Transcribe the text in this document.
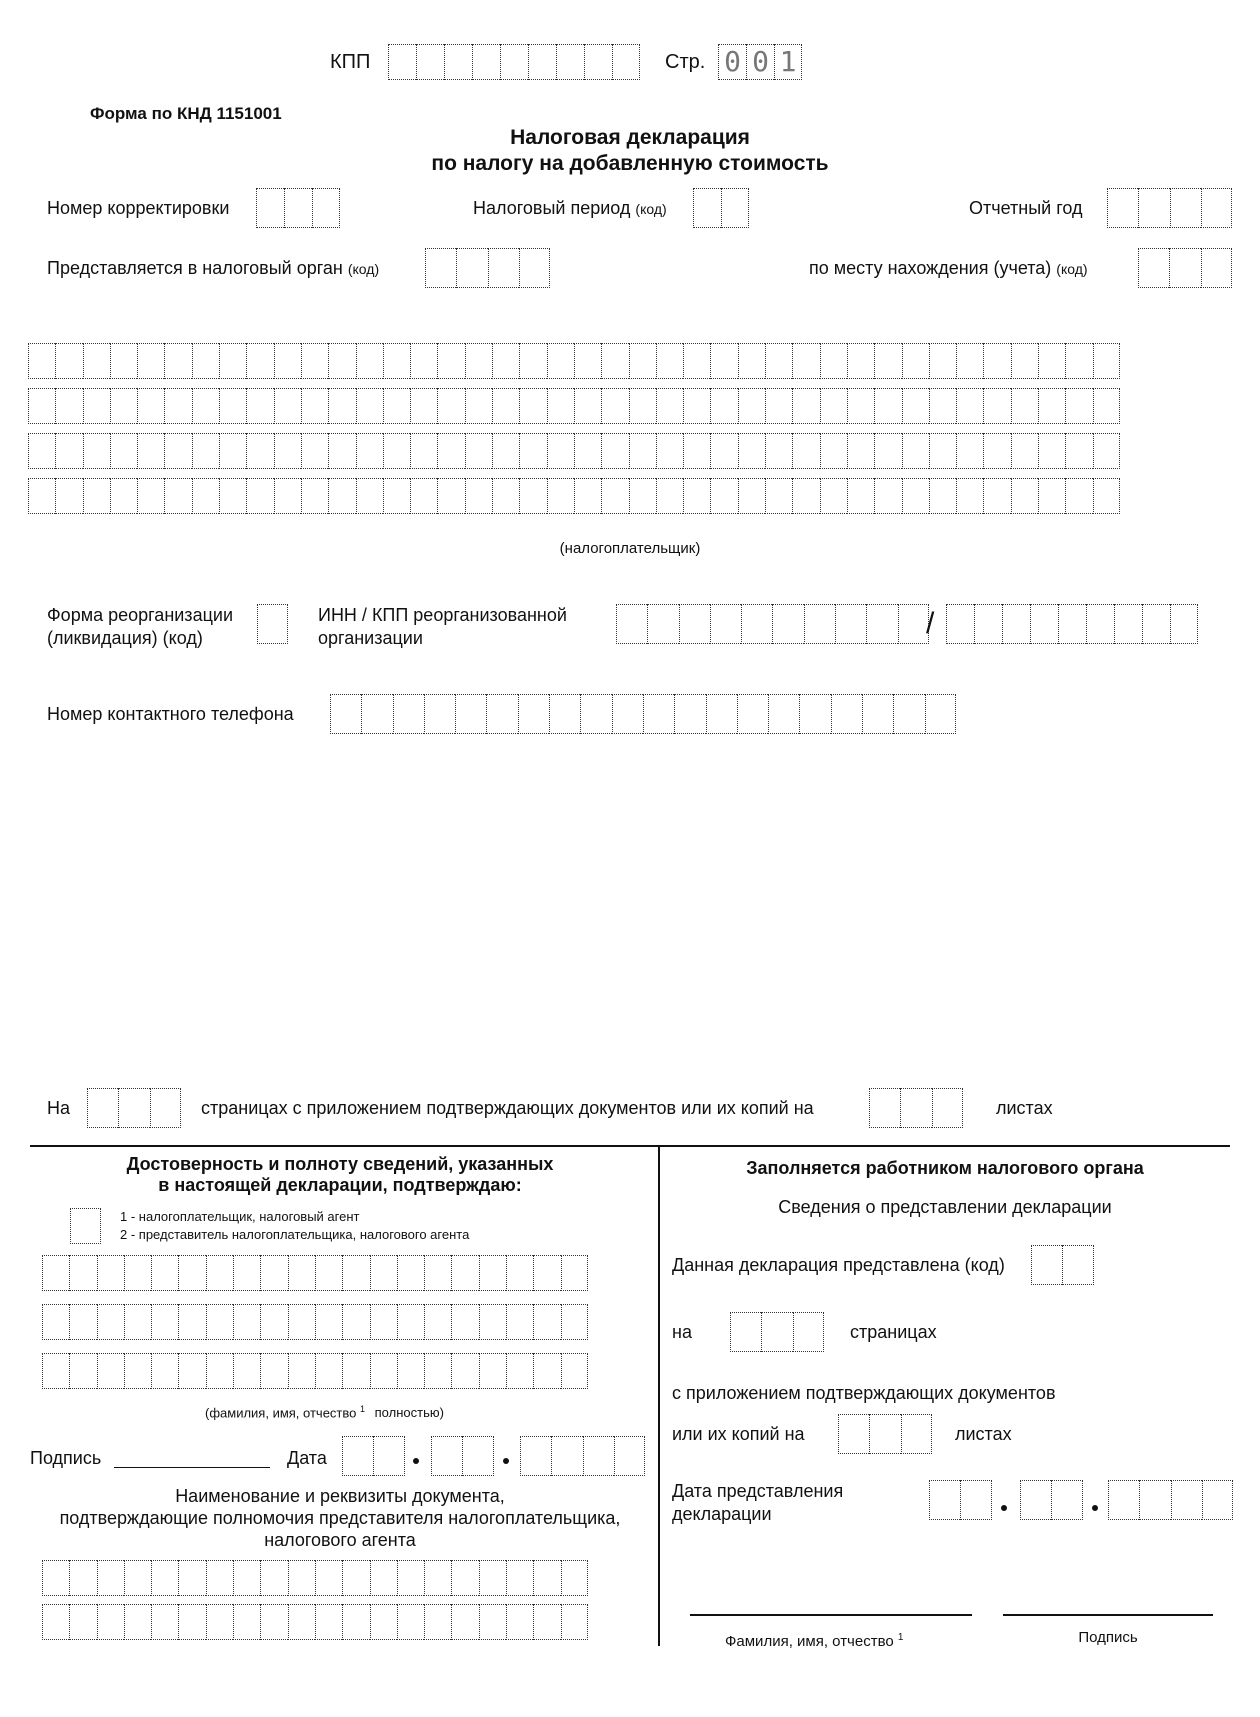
КПП	Стр. 0 0 1
Форма по КНД 1151001
Налоговая декларация
по налогу на добавленную стоимость
Номер корректировки	Налоговый период (код)	Отчетный год
Представляется в налоговый орган (код)	по месту нахождения (учета) (код)
(налогоплательщик)
Форма реорганизации
(ликвидация) (код)
ИНН / КПП реорганизованной
организации	/
Номер контактного телефона
На	страницах с приложением подтверждающих документов или их копий на	листах
Достоверность и полноту сведений, указанных
в настоящей декларации, подтверждаю:
1 - налогоплательщик, налоговый агент
2 - представитель налогоплательщика, налогового агента
(фамилия, имя, отчество $^1$ полностью)
Подпись	Дата
Наименование и реквизиты документа,
подтверждающие полномочия представителя налогоплательщика,
налогового агента
Заполняется работником налогового органа
Сведения о представлении декларации
Данная декларация представлена (код)
на	страницах
с приложением подтверждающих документов
или их копий на	листах
Дата представления
декларации
Фамилия, имя, отчество $^1$	Подпись
